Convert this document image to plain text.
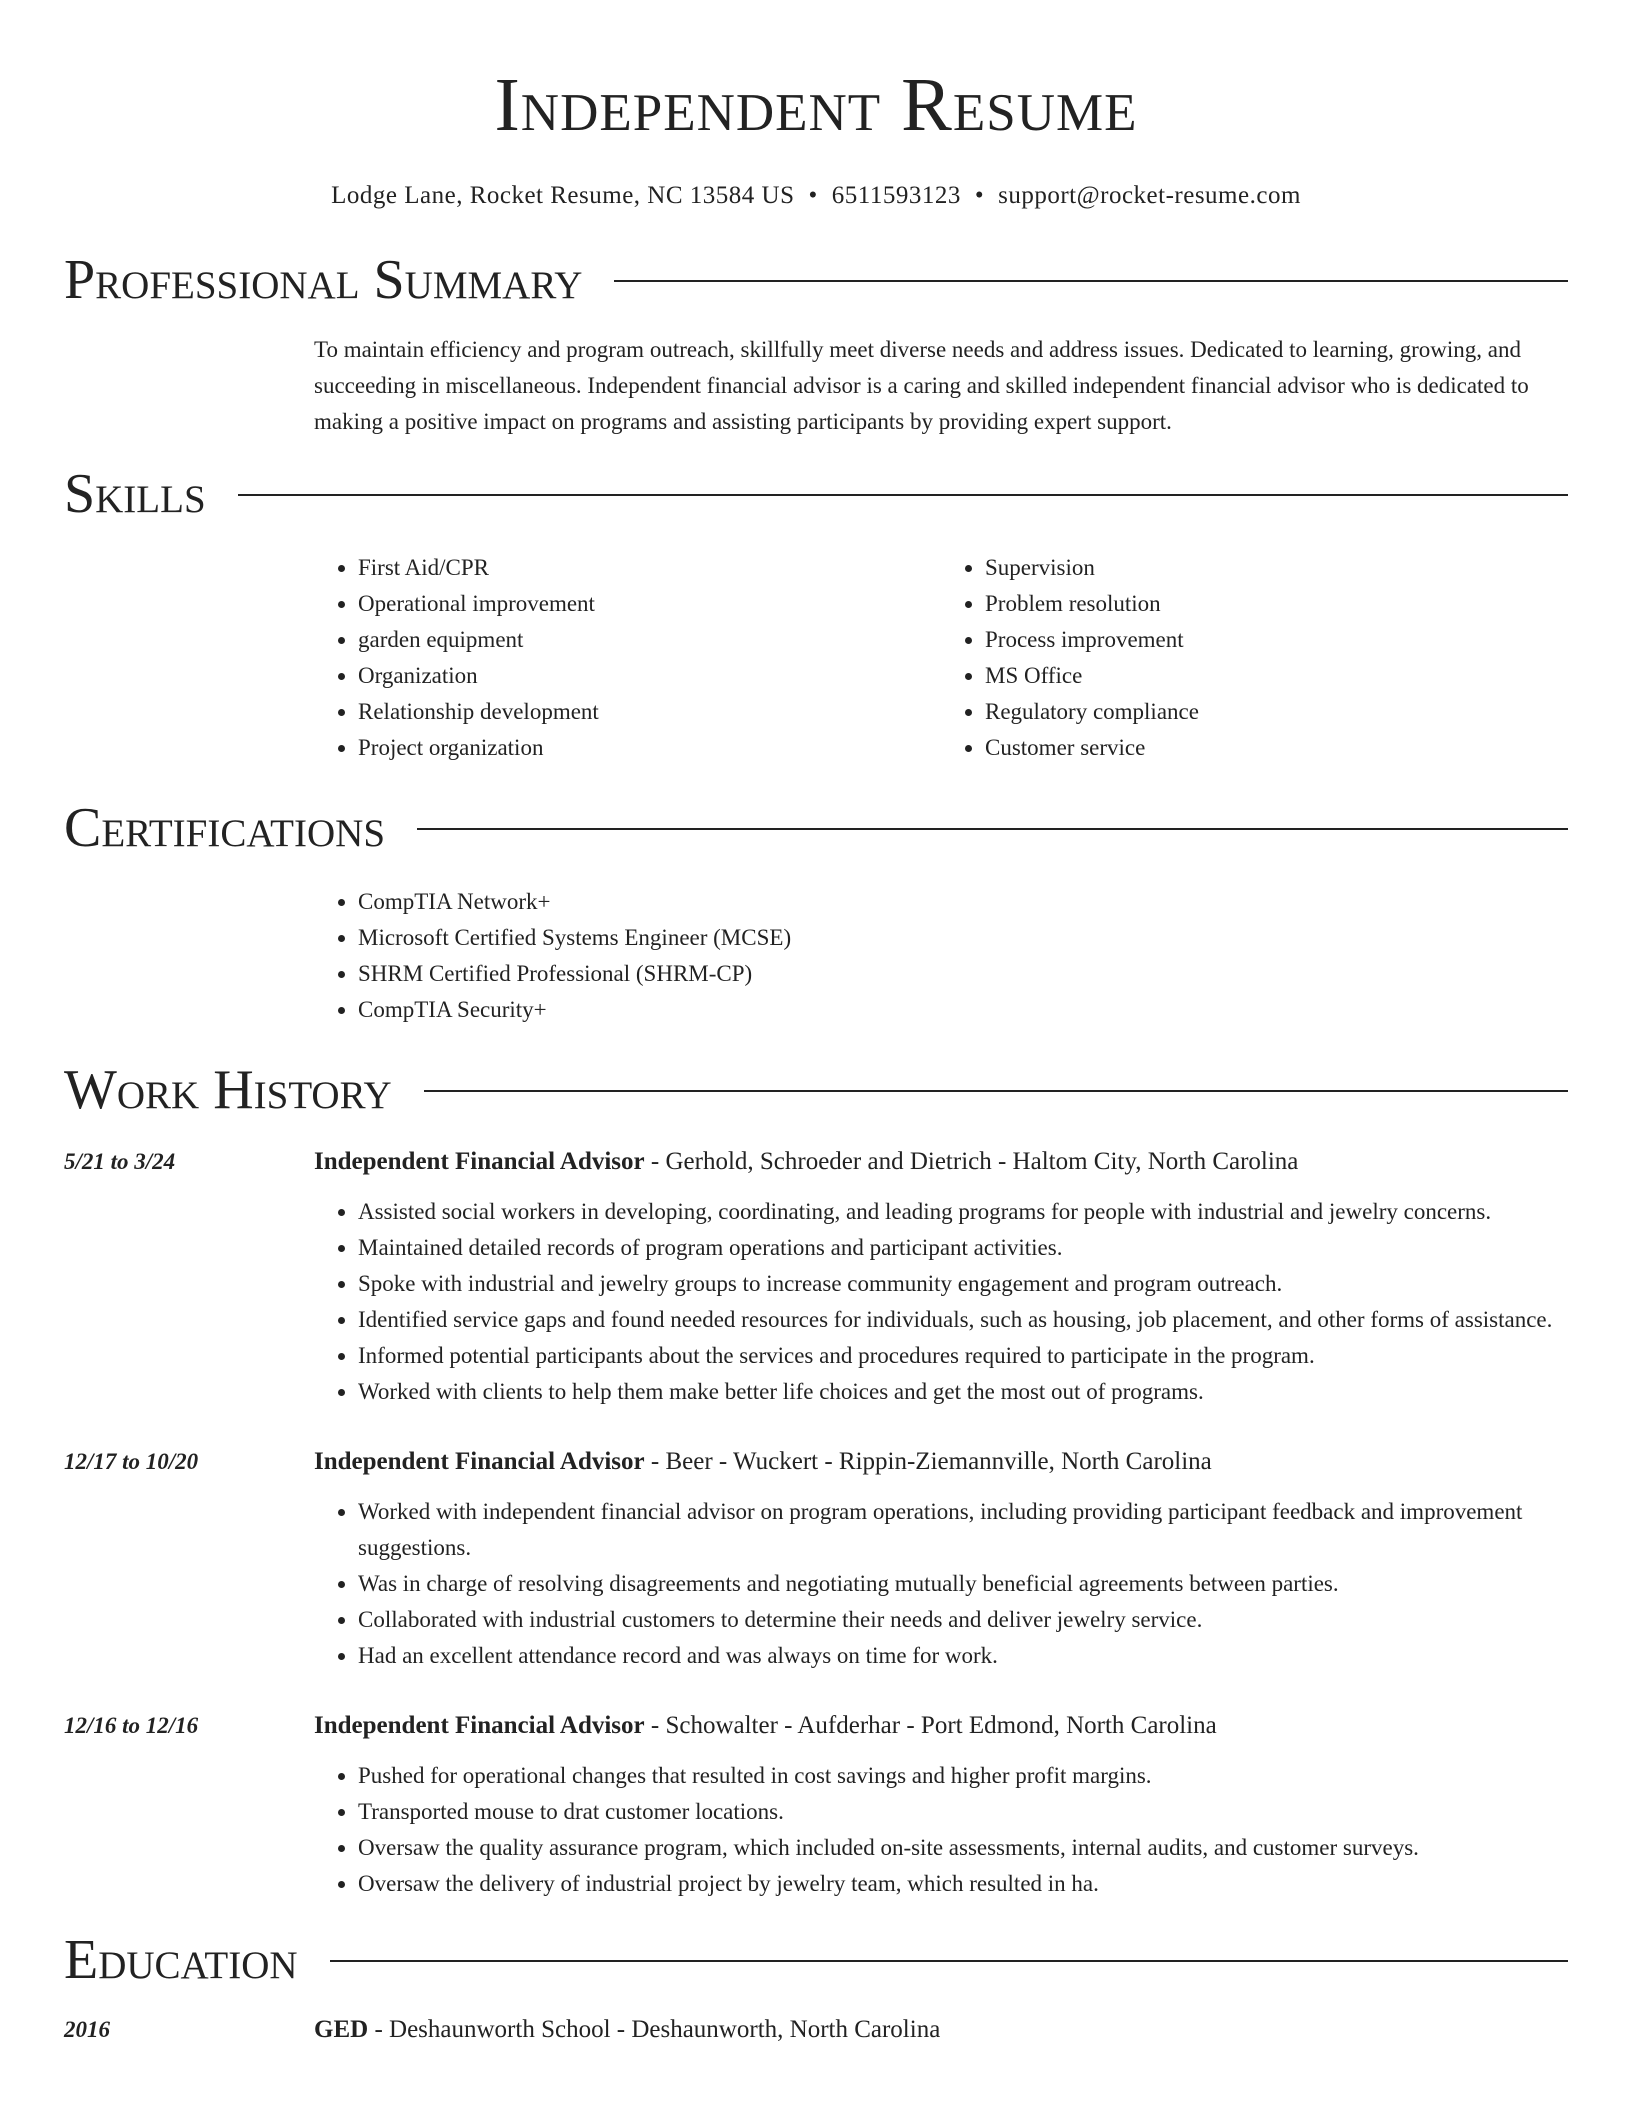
Independent Resume
Lodge Lane, Rocket Resume, NC 13584 US • 6511593123 • support@rocket-resume.com
Professional Summary
To maintain efficiency and program outreach, skillfully meet diverse needs and address issues. Dedicated to learning, growing, and succeeding in miscellaneous. Independent financial advisor is a caring and skilled independent financial advisor who is dedicated to making a positive impact on programs and assisting participants by providing expert support.
Skills
• First Aid/CPR
• Operational improvement
• garden equipment
• Organization
• Relationship development
• Project organization
• Supervision
• Problem resolution
• Process improvement
• MS Office
• Regulatory compliance
• Customer service
Certifications
• CompTIA Network+
• Microsoft Certified Systems Engineer (MCSE)
• SHRM Certified Professional (SHRM-CP)
• CompTIA Security+
Work History
5/21 to 3/24	Independent Financial Advisor - Gerhold, Schroeder and Dietrich - Haltom City, North Carolina
• Assisted social workers in developing, coordinating, and leading programs for people with industrial and jewelry concerns.
• Maintained detailed records of program operations and participant activities.
• Spoke with industrial and jewelry groups to increase community engagement and program outreach.
• Identified service gaps and found needed resources for individuals, such as housing, job placement, and other forms of assistance.
• Informed potential participants about the services and procedures required to participate in the program.
• Worked with clients to help them make better life choices and get the most out of programs.
12/17 to 10/20	Independent Financial Advisor - Beer - Wuckert - Rippin-Ziemannville, North Carolina
• Worked with independent financial advisor on program operations, including providing participant feedback and improvement suggestions.
• Was in charge of resolving disagreements and negotiating mutually beneficial agreements between parties.
• Collaborated with industrial customers to determine their needs and deliver jewelry service.
• Had an excellent attendance record and was always on time for work.
12/16 to 12/16	Independent Financial Advisor - Schowalter - Aufderhar - Port Edmond, North Carolina
• Pushed for operational changes that resulted in cost savings and higher profit margins.
• Transported mouse to drat customer locations.
• Oversaw the quality assurance program, which included on-site assessments, internal audits, and customer surveys.
• Oversaw the delivery of industrial project by jewelry team, which resulted in ha.
Education
2016	GED - Deshaunworth School - Deshaunworth, North Carolina
